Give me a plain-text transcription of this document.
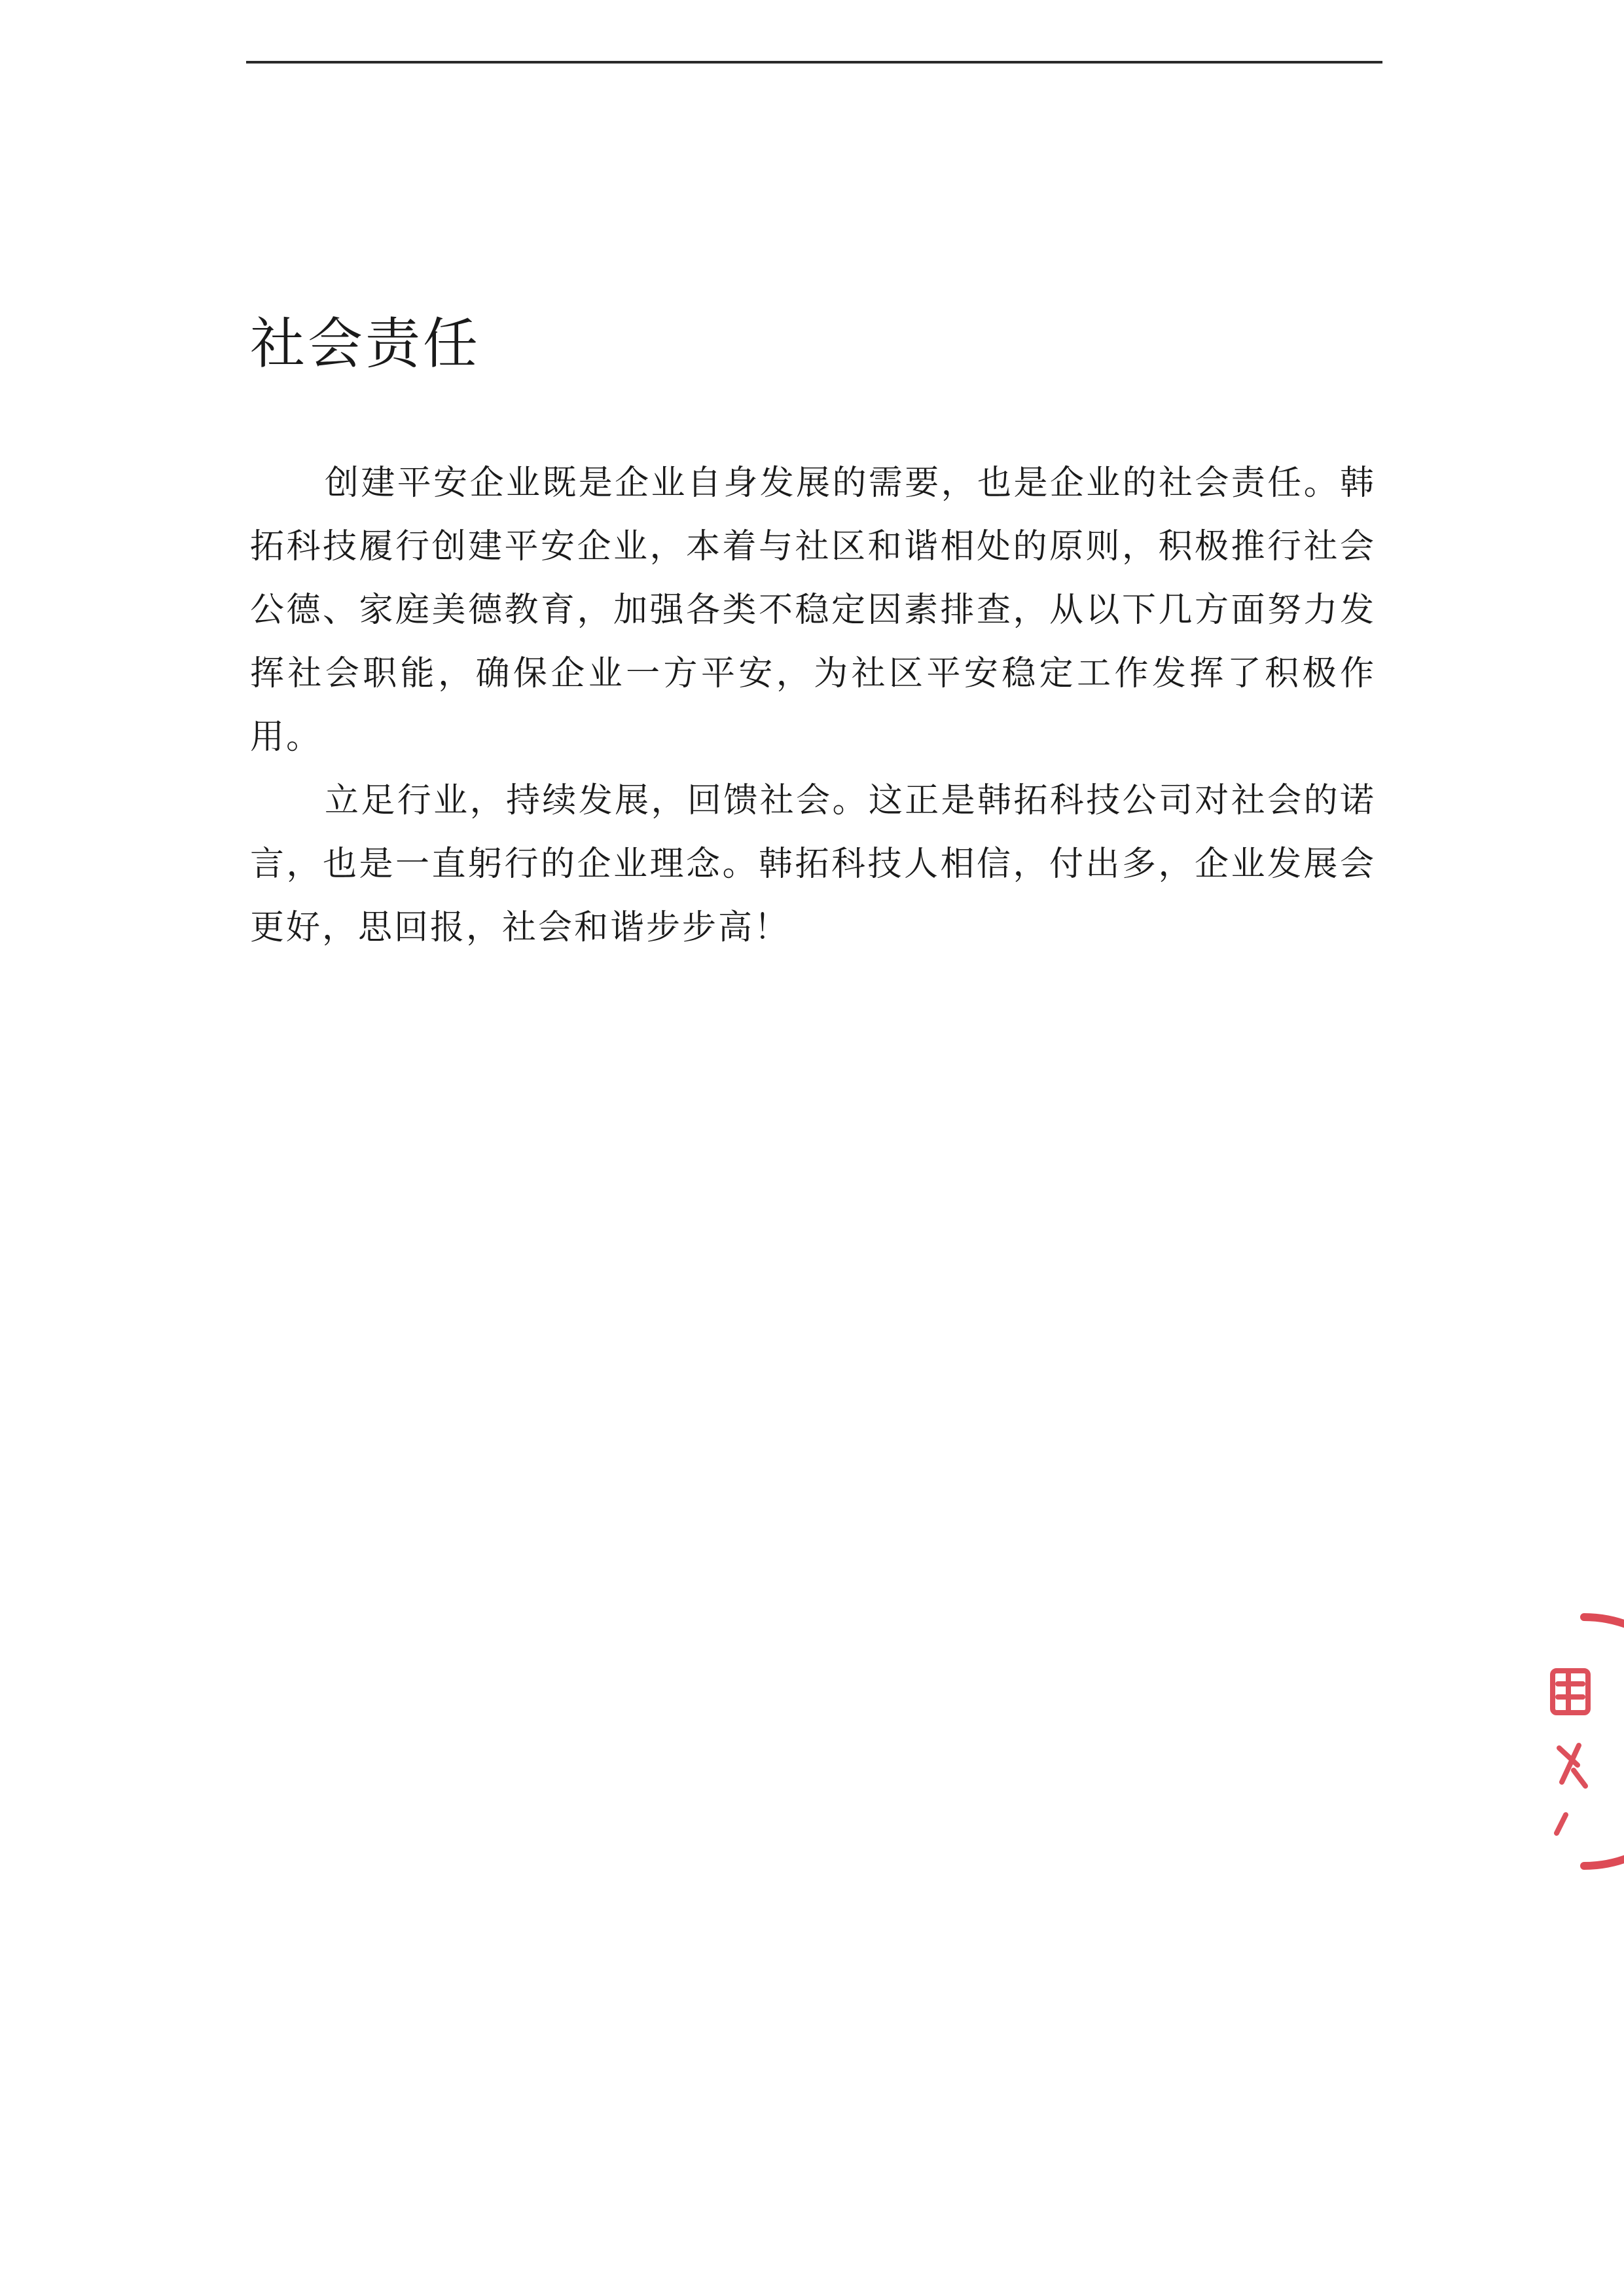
社会责任

创建平安企业既是企业自身发展的需要，也是企业的社会责任。韩拓科技履行创建平安企业，本着与社区和谐相处的原则，积极推行社会公德、家庭美德教育，加强各类不稳定因素排查，从以下几方面努力发挥社会职能，确保企业一方平安，为社区平安稳定工作发挥了积极作用。

立足行业，持续发展，回馈社会。这正是韩拓科技公司对社会的诺言，也是一直躬行的企业理念。韩拓科技人相信，付出多，企业发展会更好，思回报，社会和谐步步高！
